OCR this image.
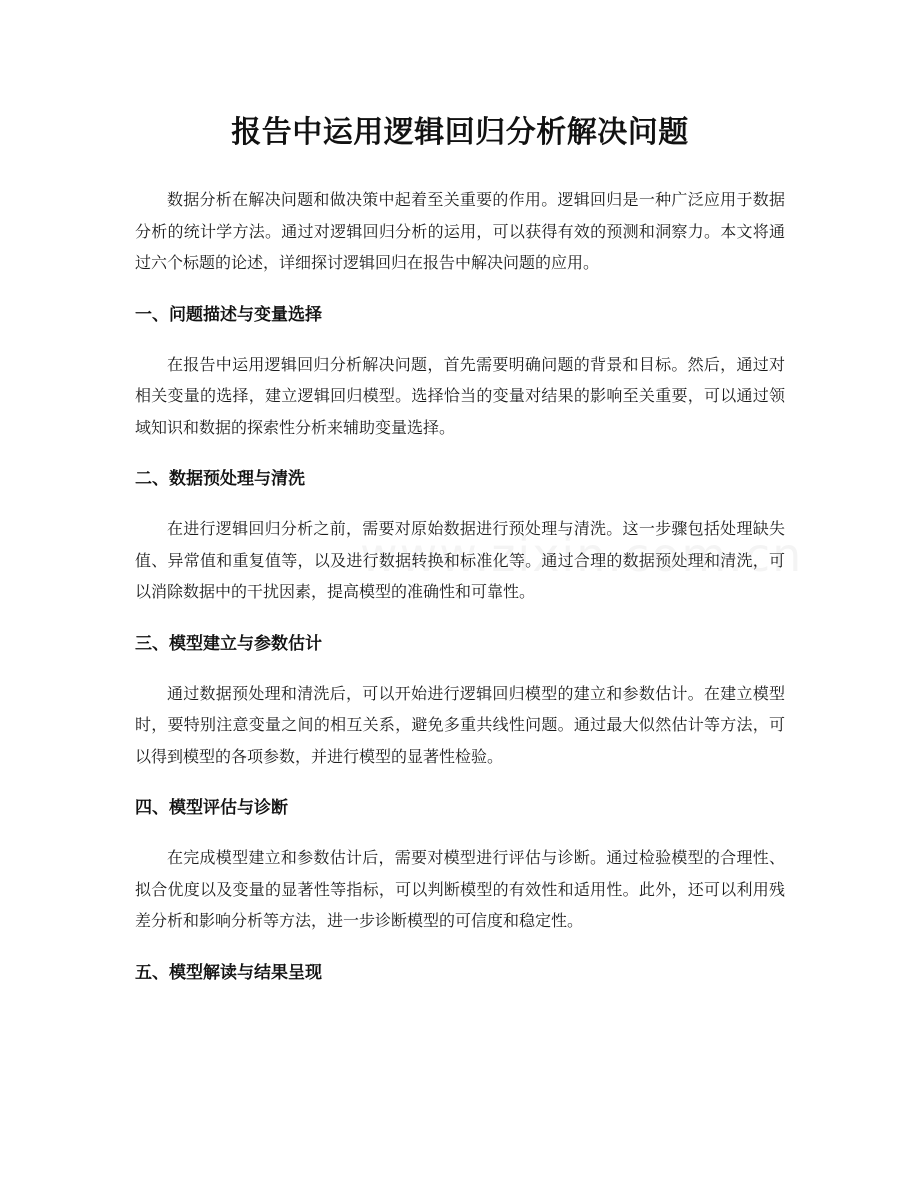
报告中运用逻辑回归分析解决问题

数据分析在解决问题和做决策中起着至关重要的作用。逻辑回归是一种广泛应用于数据分析的统计学方法。通过对逻辑回归分析的运用，可以获得有效的预测和洞察力。本文将通过六个标题的论述，详细探讨逻辑回归在报告中解决问题的应用。

一、问题描述与变量选择

在报告中运用逻辑回归分析解决问题，首先需要明确问题的背景和目标。然后，通过对相关变量的选择，建立逻辑回归模型。选择恰当的变量对结果的影响至关重要，可以通过领域知识和数据的探索性分析来辅助变量选择。

二、数据预处理与清洗

在进行逻辑回归分析之前，需要对原始数据进行预处理与清洗。这一步骤包括处理缺失值、异常值和重复值等，以及进行数据转换和标准化等。通过合理的数据预处理和清洗，可以消除数据中的干扰因素，提高模型的准确性和可靠性。

三、模型建立与参数估计

通过数据预处理和清洗后，可以开始进行逻辑回归模型的建立和参数估计。在建立模型时，要特别注意变量之间的相互关系，避免多重共线性问题。通过最大似然估计等方法，可以得到模型的各项参数，并进行模型的显著性检验。

四、模型评估与诊断

在完成模型建立和参数估计后，需要对模型进行评估与诊断。通过检验模型的合理性、拟合优度以及变量的显著性等指标，可以判断模型的有效性和适用性。此外，还可以利用残差分析和影响分析等方法，进一步诊断模型的可信度和稳定性。

五、模型解读与结果呈现
